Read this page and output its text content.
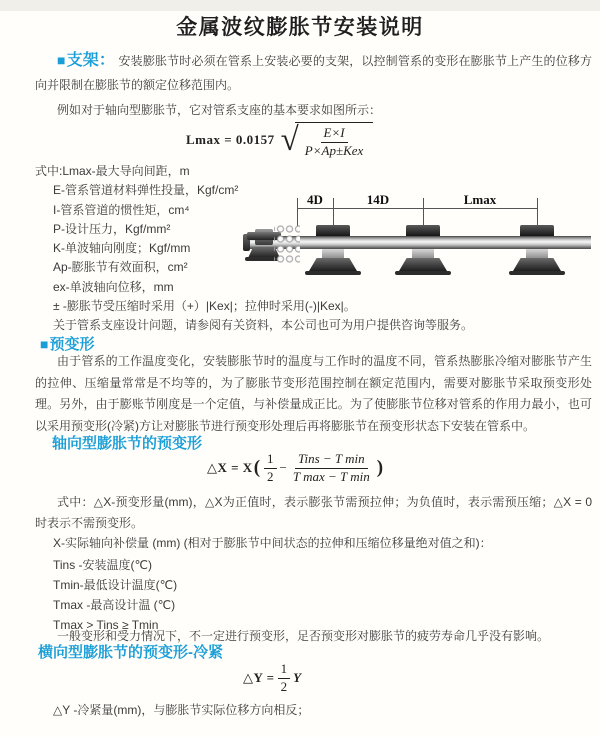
金属波纹膨胀节安装说明

■支架： 安装膨胀节时必须在管系上安装必要的支架，以控制管系的变形在膨胀节上产生的位移方向并限制在膨胀节的额定位移范围内。

例如对于轴向型膨胀节，它对管系支座的基本要求如图所示：

Lmax = 0.0157 √ $\frac{E\times I}{\text{P×Ap±Kex}}$
式中:Lmax-最大导向间距，m
E-管系管道材料弹性投量，Kgf/cm²
I-管系管道的惯性矩，cm⁴
P-设计压力，Kgf/mm²
K-单波轴向刚度；Kgf/mm
Ap-膨胀节有效面积，cm²
ex-单波轴向位移，mm
± -膨胀节受压缩时采用（+）|Kex|；拉伸时采用(-)|Kex|。
关于管系支座设计问题，请参阅有关资料，本公司也可为用户提供咨询等服务。
4D	14D	Lmax
■预变形

由于管系的工作温度变化，安装膨胀节时的温度与工作时的温度不同，管系热膨胀冷缩对膨胀节产生的拉伸、压缩量常常是不均等的，为了膨胀节变形范围控制在额定范围内，需要对膨胀节采取预变形处理。另外，由于膨账节刚度是一个定值，与补偿量成正比。为了使膨胀节位移对管系的作用力最小，也可以采用预变形(冷紧)方让对膨胀节进行预变形处理后再将膨胀节在预变形状态下安装在管系中。

轴向型膨胀节的预变形
△X = X ( $\frac{1}{2} - \frac{\text{Tins − T min}}{\text{T max − T min}}$ )

式中：△X-预变形量(mm)，△X为正值时，表示膨张节需预拉伸；为负值时，表示需预压缩；△X = 0时表示不需预变形。

X-实际轴向补偿量 (mm) (相对于膨胀节中间状态的拉伸和压缩位移量绝对值之和)：
Tins -安装温度(℃)
Tmin-最低设计温度(℃)
Tmax -最高设计温 (℃)
Tmax > Tins ≥ Tmin

一般变形和受力情况下，不一定进行预变形，足否预变形对膨胀节的疲劳寿命几乎没有影响。

横向型膨胀节的预变形-冷紧
△Y = $\frac{1}{2}$ Y
△Y -冷紧量(mm)，与膨胀节实际位移方向相反；
